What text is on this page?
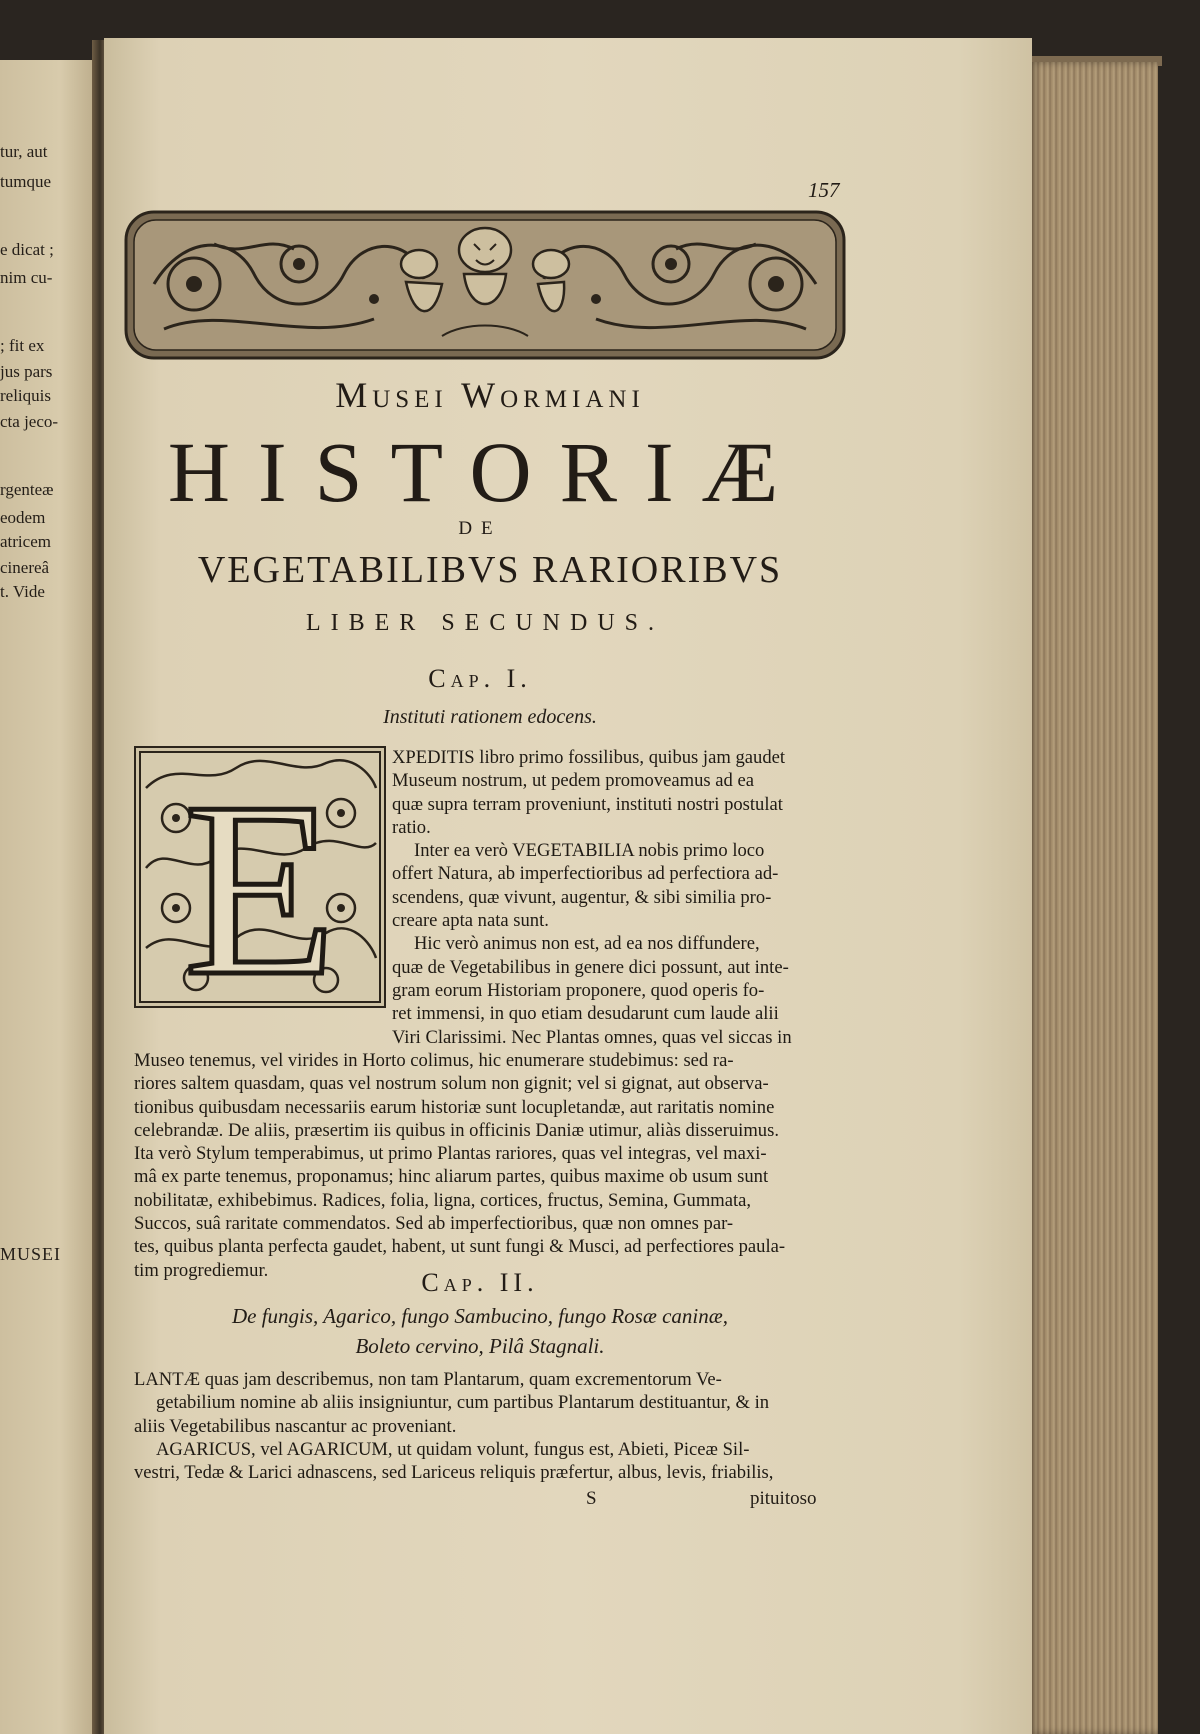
tur, aut
tumque
e dicat ;
nim cu-
; fit ex
jus pars
reliquis
cta jeco-
rgenteæ
eodem
atricem
cinereâ
t. Vide
MUSEI
157
Musei Wormiani
HISTORIÆ
DE
VEGETABILIBVS RARIORIBVS
LIBER SECUNDUS.
Cap. I.
Instituti rationem edocens.
E	XPEDITIS libro primo fossilibus, quibus jam gaudet
Museum nostrum, ut pedem promoveamus ad ea
quæ supra terram proveniunt, instituti nostri postulat
ratio.
Inter ea verò VEGETABILIA nobis primo loco
offert Natura, ab imperfectioribus ad perfectiora ad-
scendens, quæ vivunt, augentur, & sibi similia pro-
creare apta nata sunt.
Hic verò animus non est, ad ea nos diffundere,
quæ de Vegetabilibus in genere dici possunt, aut inte-
gram eorum Historiam proponere, quod operis fo-
ret immensi, in quo etiam desudarunt cum laude alii
Viri Clarissimi. Nec Plantas omnes, quas vel siccas in
Museo tenemus, vel virides in Horto colimus, hic enumerare studebimus: sed ra-
riores saltem quasdam, quas vel nostrum solum non gignit; vel si gignat, aut observa-
tionibus quibusdam necessariis earum historiæ sunt locupletandæ, aut raritatis nomine
celebrandæ. De aliis, præsertim iis quibus in officinis Daniæ utimur, aliàs disseruimus.
Ita verò Stylum temperabimus, ut primo Plantas rariores, quas vel integras, vel maxi-
mâ ex parte tenemus, proponamus; hinc aliarum partes, quibus maxime ob usum sunt
nobilitatæ, exhibebimus. Radices, folia, ligna, cortices, fructus, Semina, Gummata,
Succos, suâ raritate commendatos. Sed ab imperfectioribus, quæ non omnes par-
tes, quibus planta perfecta gaudet, habent, ut sunt fungi & Musci, ad perfectiores paula-
tim progrediemur.	Cap. II.
De fungis, Agarico, fungo Sambucino, fungo Rosæ caninæ,
Boleto cervino, Pilâ Stagnali.
LANTÆ quas jam describemus, non tam Plantarum, quam excrementorum Ve-
getabilium nomine ab aliis insigniuntur, cum partibus Plantarum destituantur, & in
aliis Vegetabilibus nascantur ac proveniant.
AGARICUS, vel AGARICUM, ut quidam volunt, fungus est, Abieti, Piceæ Sil-
vestri, Tedæ & Larici adnascens, sed Lariceus reliquis præfertur, albus, levis, friabilis,
S	pituitoso
